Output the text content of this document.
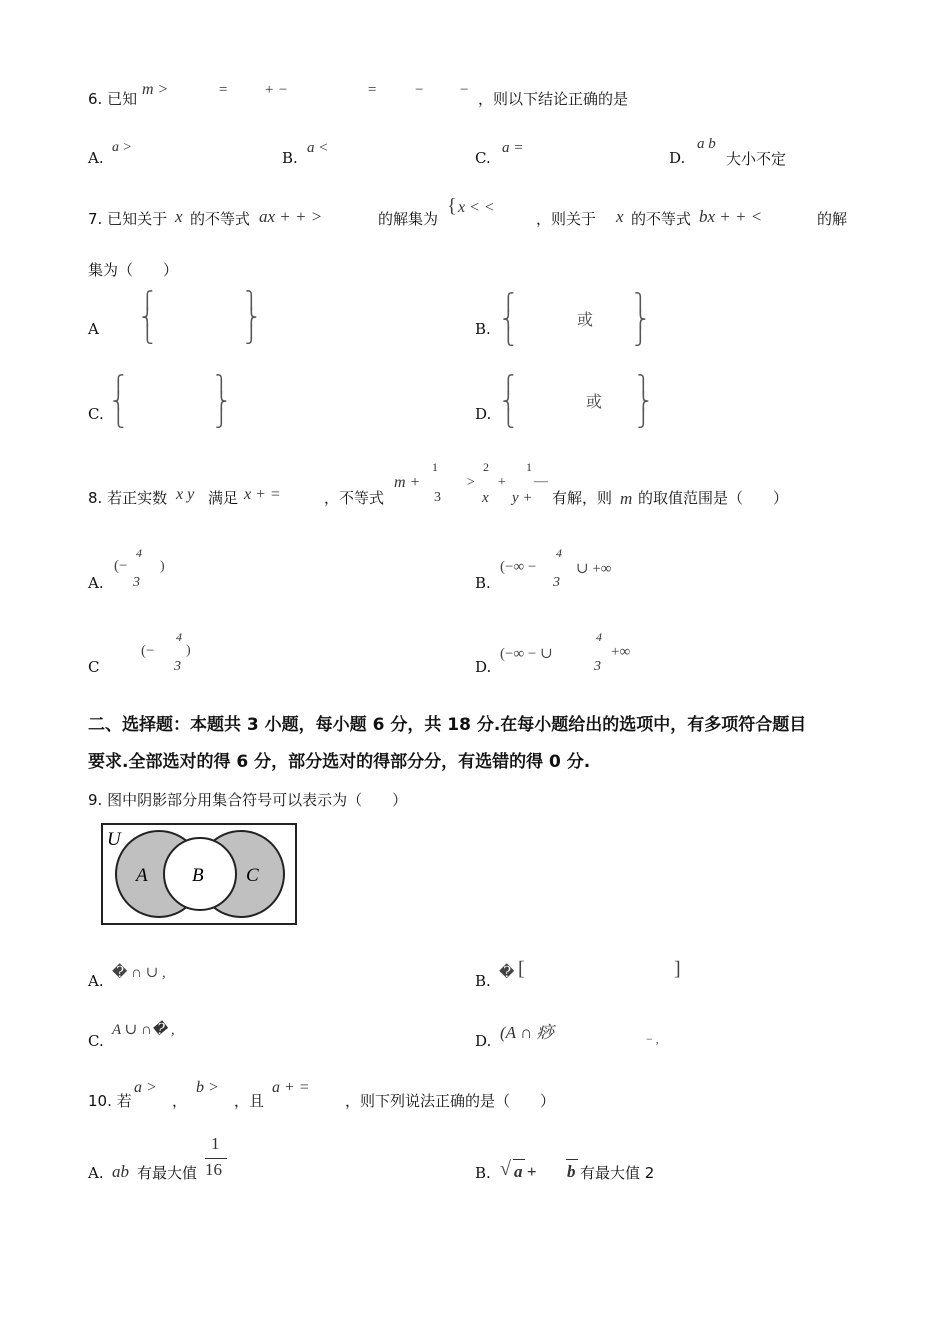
6. 已知
m >	= + −	= − − ，则以下结论正确的是
A.
a >
B.
a <
C.
a =
D.
a b
大小不定
7. 已知关于 x 的不等式 ax + + >	的解集为
{ x < <
，则关于 x 的不等式 bx + + <	的解
集为（　　）
A
⎧
⎨
⎩
⎫
⎬
⎭	B.
⎧
⎨
⎩
或
⎫
⎬
⎭
C.
⎧
⎨
⎩
⎫
⎬
⎭	D.
⎧
⎨
⎩
或
⎫
⎬
⎭
8. 若正实数 x y 满足 x + =	，不等式
m +
1
3
>
2
x
+
1
—
y + 有解，则 m 的取值范围是（　　）
A.
(−
4
3
)
B.
(−∞ −
4
3
∪ +∞
C
(−
4
3
)
D.
(−∞ − ∪
4
3
+∞
二、选择题：本题共 3 小题，每小题 6 分，共 18 分.在每小题给出的选项中，有多项符合题目
要求.全部选对的得 6 分，部分选对的得部分分，有选错的得 0 分.
9. 图中阴影部分用集合符号可以表示为（　　）
U
A B C
A. � ∩ ∪ ,	B. � [	]
C.
A ∪ ∩� ,
D. (A ∩ 痧	− ,
10. 若
a >
，
b >
，且
a + =
，则下列说法正确的是（　　）
A. ab 有最大值
1
16	B. √ a + b 有最大值 2
